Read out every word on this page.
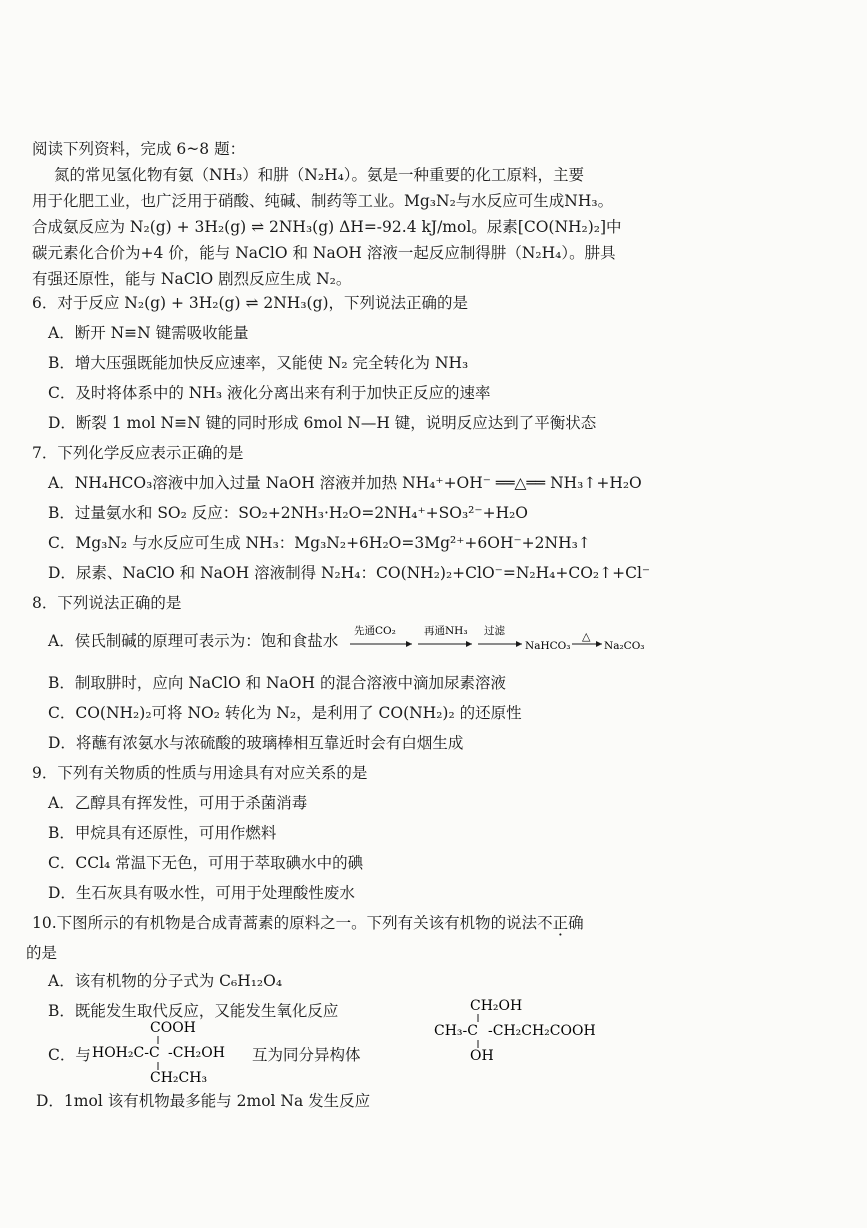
阅读下列资料，完成 6~8 题：
氮的常见氢化物有氨（NH₃）和肼（N₂H₄）。氨是一种重要的化工原料，主要
用于化肥工业，也广泛用于硝酸、纯碱、制药等工业。Mg₃N₂与水反应可生成NH₃。
合成氨反应为 N₂(g) + 3H₂(g) ⇌ 2NH₃(g) ΔH=-92.4 kJ/mol。尿素[CO(NH₂)₂]中
碳元素化合价为+4 价，能与 NaClO 和 NaOH 溶液一起反应制得肼（N₂H₄）。肼具
有强还原性，能与 NaClO 剧烈反应生成 N₂。
6．对于反应 N₂(g) + 3H₂(g) ⇌ 2NH₃(g)，下列说法正确的是
A．断开 N≡N 键需吸收能量
B．增大压强既能加快反应速率，又能使 N₂ 完全转化为 NH₃
C．及时将体系中的 NH₃ 液化分离出来有利于加快正反应的速率
D．断裂 1 mol N≡N 键的同时形成 6mol N—H 键，说明反应达到了平衡状态
7．下列化学反应表示正确的是
A．NH₄HCO₃溶液中加入过量 NaOH 溶液并加热 NH₄⁺+OH⁻ ══△══ NH₃↑+H₂O
B．过量氨水和 SO₂ 反应：SO₂+2NH₃·H₂O=2NH₄⁺+SO₃²⁻+H₂O
C．Mg₃N₂ 与水反应可生成 NH₃：Mg₃N₂+6H₂O=3Mg²⁺+6OH⁻+2NH₃↑
D．尿素、NaClO 和 NaOH 溶液制得 N₂H₄：CO(NH₂)₂+ClO⁻=N₂H₄+CO₂↑+Cl⁻
8．下列说法正确的是
A．侯氏制碱的原理可表示为：饱和食盐水
先通CO₂	再通NH₃ 过滤
NaHCO₃
△
Na₂CO₃
B．制取肼时，应向 NaClO 和 NaOH 的混合溶液中滴加尿素溶液
C．CO(NH₂)₂可将 NO₂ 转化为 N₂，是利用了 CO(NH₂)₂ 的还原性
D．将蘸有浓氨水与浓硫酸的玻璃棒相互靠近时会有白烟生成
9．下列有关物质的性质与用途具有对应关系的是
A．乙醇具有挥发性，可用于杀菌消毒
B．甲烷具有还原性，可用作燃料
C．CCl₄ 常温下无色，可用于萃取碘水中的碘
D．生石灰具有吸水性，可用于处理酸性废水
10.下图所示的有机物是合成青蒿素的原料之一。下列有关该有机物的说法不正确
的是
A．该有机物的分子式为 C₆H₁₂O₄
B．既能发生取代反应，又能发生氧化反应
C．与
COOH
HOH₂C-C -CH₂OH
CH₂CH₃
互为同分异构体
CH₂OH
CH₃-C -CH₂CH₂COOH
OH
D．1mol 该有机物最多能与 2mol Na 发生反应
